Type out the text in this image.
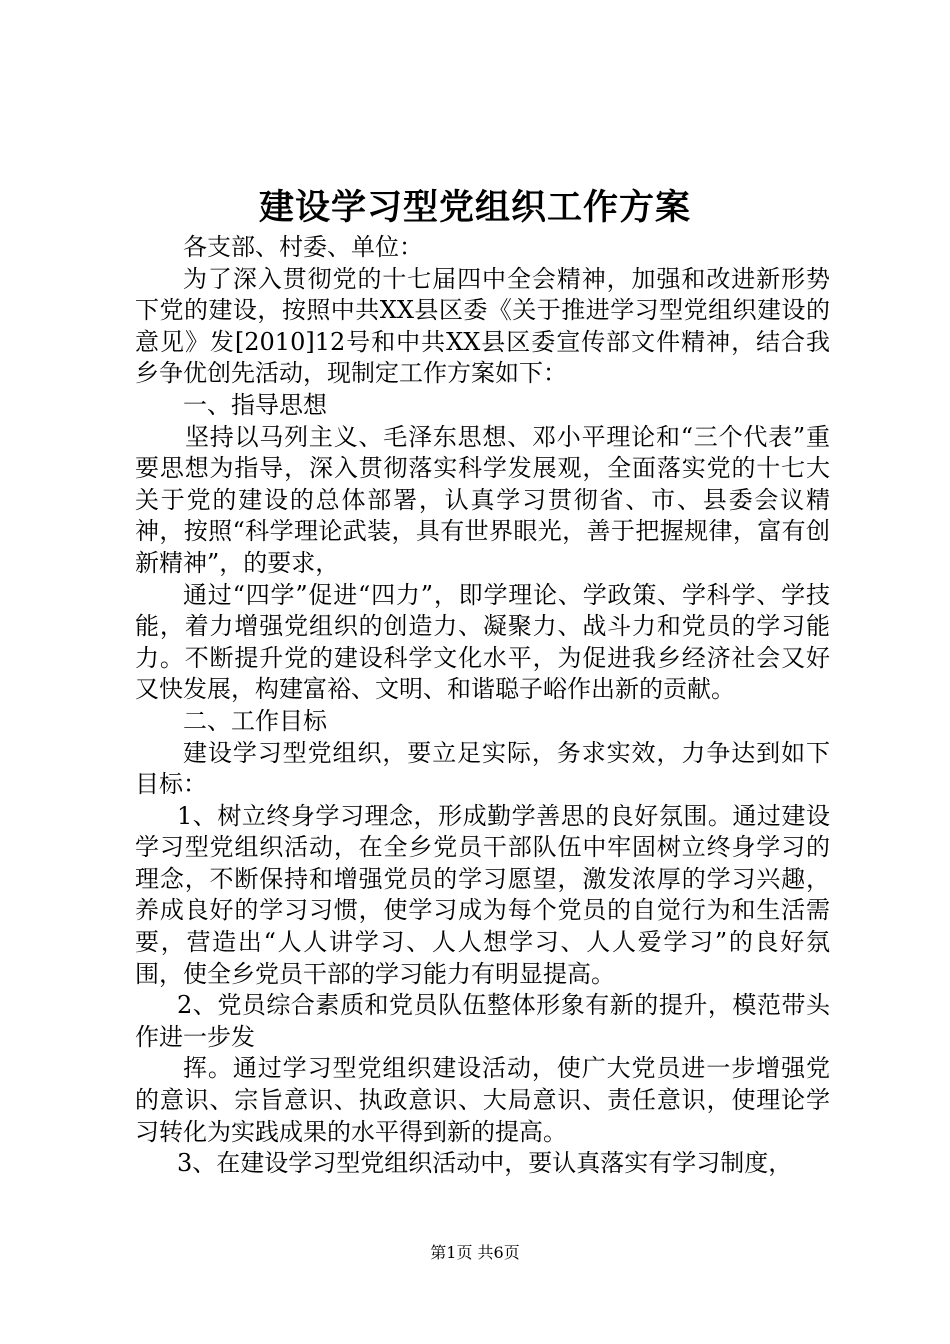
建设学习型党组织工作方案

各支部、村委、单位：

为了深入贯彻党的十七届四中全会精神，加强和改进新形势下党的建设，按照中共XX县区委《关于推进学习型党组织建设的意见》发[2010]12号和中共XX县区委宣传部文件精神，结合我乡争优创先活动，现制定工作方案如下：

一、指导思想

坚持以马列主义、毛泽东思想、邓小平理论和“三个代表”重要思想为指导，深入贯彻落实科学发展观，全面落实党的十七大关于党的建设的总体部署，认真学习贯彻省、市、县委会议精神，按照“科学理论武装，具有世界眼光，善于把握规律，富有创新精神”，的要求，

通过“四学”促进“四力”，即学理论、学政策、学科学、学技能，着力增强党组织的创造力、凝聚力、战斗力和党员的学习能力。不断提升党的建设科学文化水平，为促进我乡经济社会又好又快发展，构建富裕、文明、和谐聪子峪作出新的贡献。

二、工作目标

建设学习型党组织，要立足实际，务求实效，力争达到如下目标：

1、树立终身学习理念，形成勤学善思的良好氛围。通过建设学习型党组织活动，在全乡党员干部队伍中牢固树立终身学习的理念，不断保持和增强党员的学习愿望，激发浓厚的学习兴趣，养成良好的学习习惯，使学习成为每个党员的自觉行为和生活需要，营造出“人人讲学习、人人想学习、人人爱学习”的良好氛围，使全乡党员干部的学习能力有明显提高。

2、党员综合素质和党员队伍整体形象有新的提升，模范带头作进一步发

挥。通过学习型党组织建设活动，使广大党员进一步增强党的意识、宗旨意识、执政意识、大局意识、责任意识，使理论学习转化为实践成果的水平得到新的提高。

3、在建设学习型党组织活动中，要认真落实有学习制度，

第1页 共6页
